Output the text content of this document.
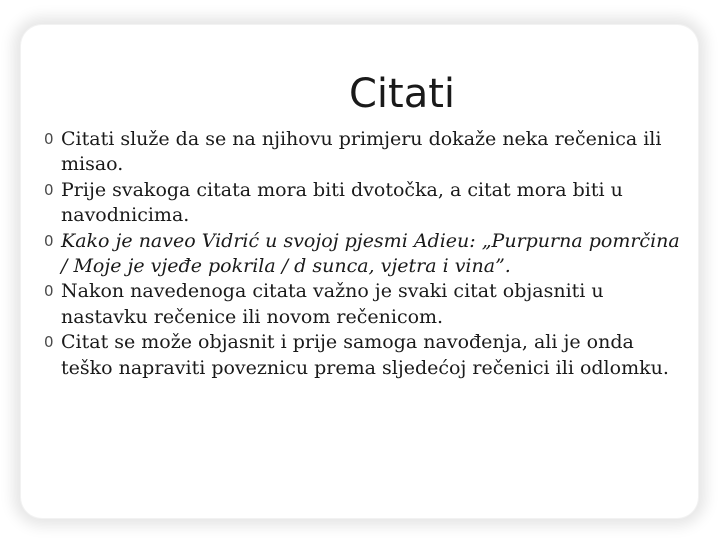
Citati
0 Citati služe da se na njihovu primjeru dokaže neka rečenica ili misao.
0 Prije svakoga citata mora biti dvotočka, a citat mora biti u navodnicima.
0 Kako je naveo Vidrić u svojoj pjesmi Adieu: „Purpurna pomrčina / Moje je vjeđe pokrila / d sunca, vjetra i vina”.
0 Nakon navedenoga citata važno je svaki citat objasniti u nastavku rečenice ili novom rečenicom.
0 Citat se može objasnit i prije samoga navođenja, ali je onda teško napraviti poveznicu prema sljedećoj rečenici ili odlomku.
